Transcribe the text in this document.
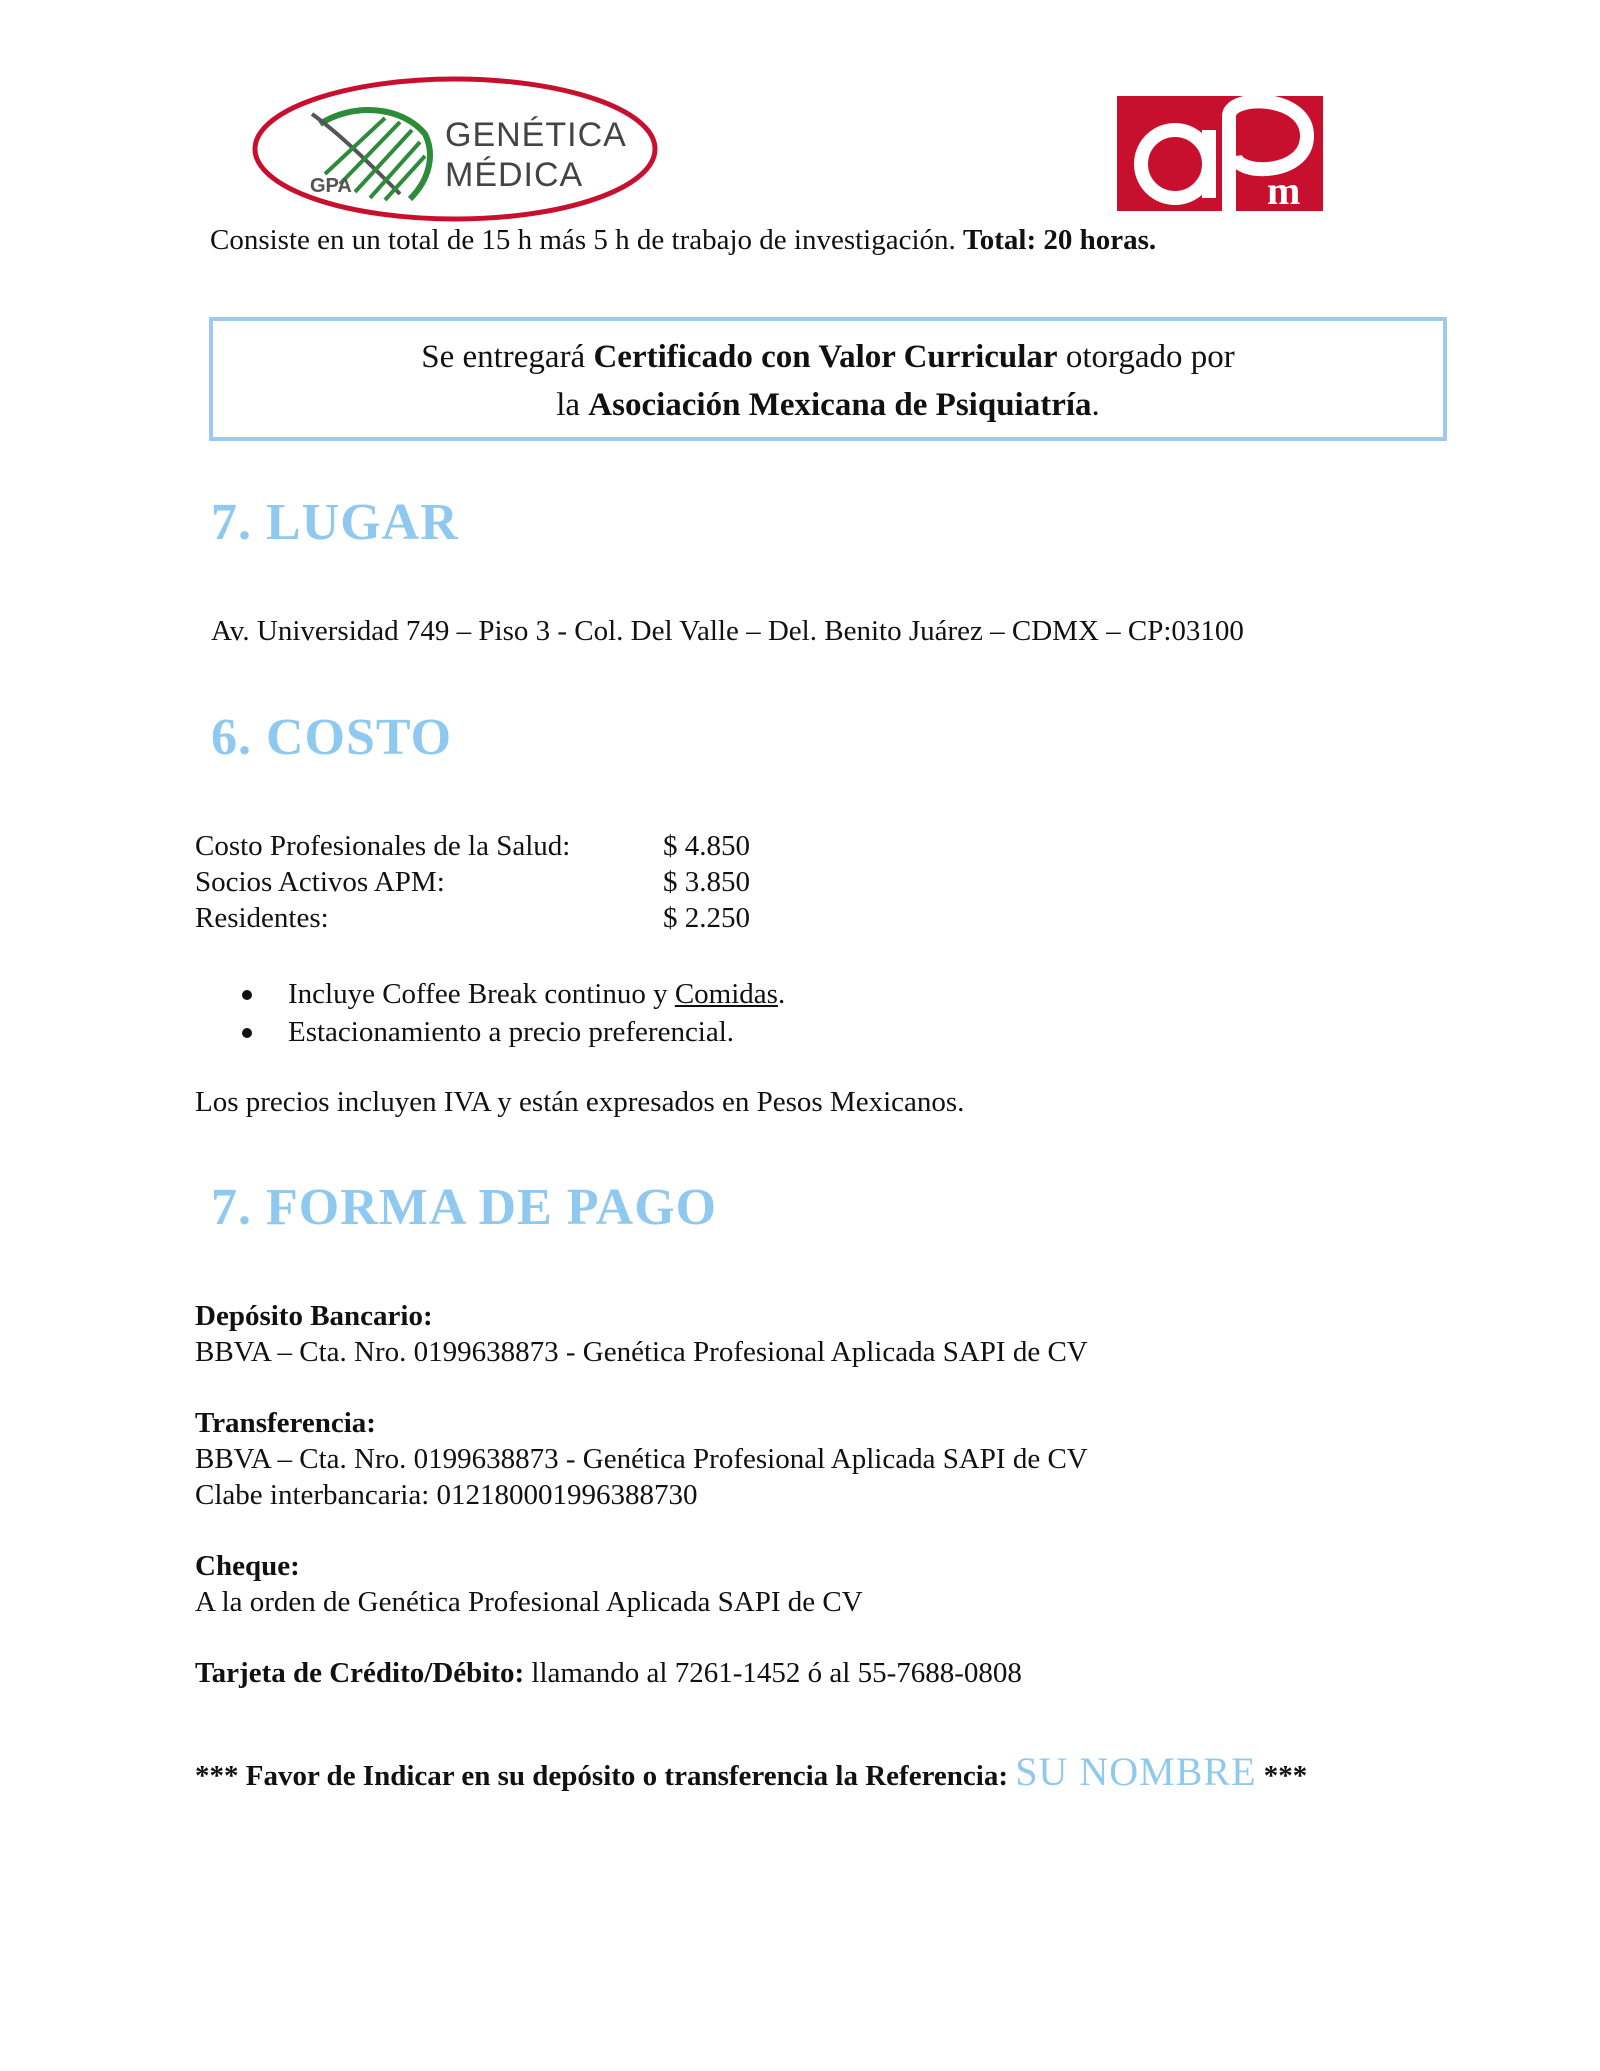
GPA
GENÉTICA
MÉDICA	m
Consiste en un total de 15 h más 5 h de trabajo de investigación. Total: 20 horas.
Se entregará Certificado con Valor Curricular otorgado por
la Asociación Mexicana de Psiquiatría.
7. LUGAR
Av. Universidad 749 – Piso 3 - Col. Del Valle – Del. Benito Juárez – CDMX – CP:03100
6. COSTO
Costo Profesionales de la Salud:	$ 4.850
Socios Activos APM:	$ 3.850
Residentes:	$ 2.250
Incluye Coffee Break continuo y Comidas.
Estacionamiento a precio preferencial.
Los precios incluyen IVA y están expresados en Pesos Mexicanos.
7. FORMA DE PAGO
Depósito Bancario:
BBVA – Cta. Nro. 0199638873 - Genética Profesional Aplicada SAPI de CV
Transferencia:
BBVA – Cta. Nro. 0199638873 - Genética Profesional Aplicada SAPI de CV
Clabe interbancaria: 012180001996388730
Cheque:
A la orden de Genética Profesional Aplicada SAPI de CV
Tarjeta de Crédito/Débito: llamando al 7261-1452 ó al 55-7688-0808
*** Favor de Indicar en su depósito o transferencia la Referencia: SU NOMBRE ***
